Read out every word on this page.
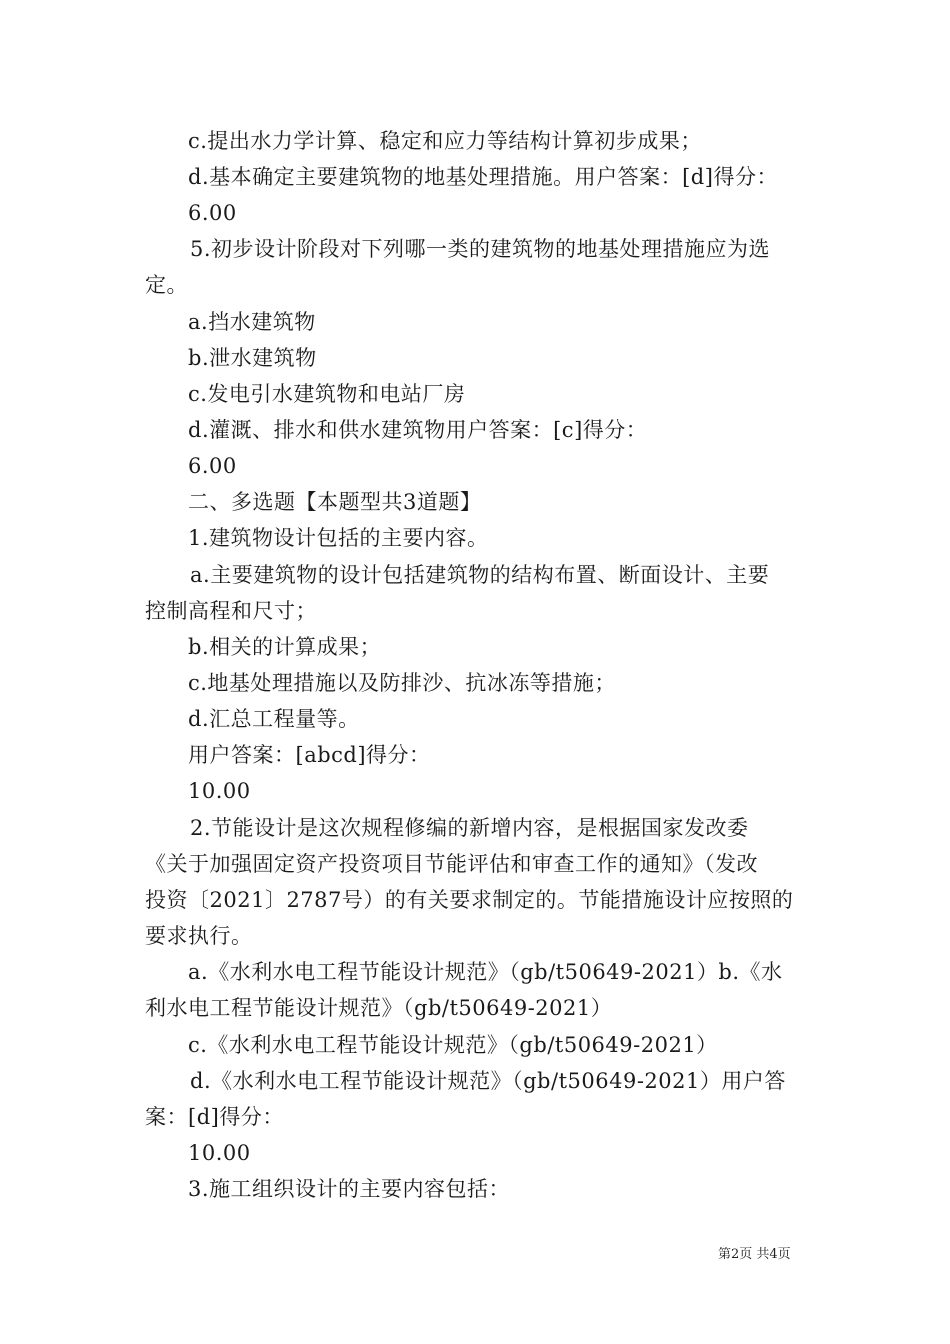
c.提出水力学计算、稳定和应力等结构计算初步成果；
d.基本确定主要建筑物的地基处理措施。用户答案：[d]得分：
6.00
5.初步设计阶段对下列哪一类的建筑物的地基处理措施应为选
定。
a.挡水建筑物
b.泄水建筑物
c.发电引水建筑物和电站厂房
d.灌溉、排水和供水建筑物用户答案：[c]得分：
6.00
二、多选题【本题型共3道题】
1.建筑物设计包括的主要内容。
a.主要建筑物的设计包括建筑物的结构布置、断面设计、主要
控制高程和尺寸；
b.相关的计算成果；
c.地基处理措施以及防排沙、抗冰冻等措施；
d.汇总工程量等。
用户答案：[abcd]得分：
10.00
2.节能设计是这次规程修编的新增内容，是根据国家发改委
《关于加强固定资产投资项目节能评估和审查工作的通知》（发改
投资〔2021〕2787号）的有关要求制定的。节能措施设计应按照的
要求执行。
a.《水利水电工程节能设计规范》（gb/t50649-2021）b.《水
利水电工程节能设计规范》（gb/t50649-2021）
c.《水利水电工程节能设计规范》（gb/t50649-2021）
d.《水利水电工程节能设计规范》（gb/t50649-2021）用户答
案：[d]得分：
10.00
3.施工组织设计的主要内容包括：
第2页 共4页
